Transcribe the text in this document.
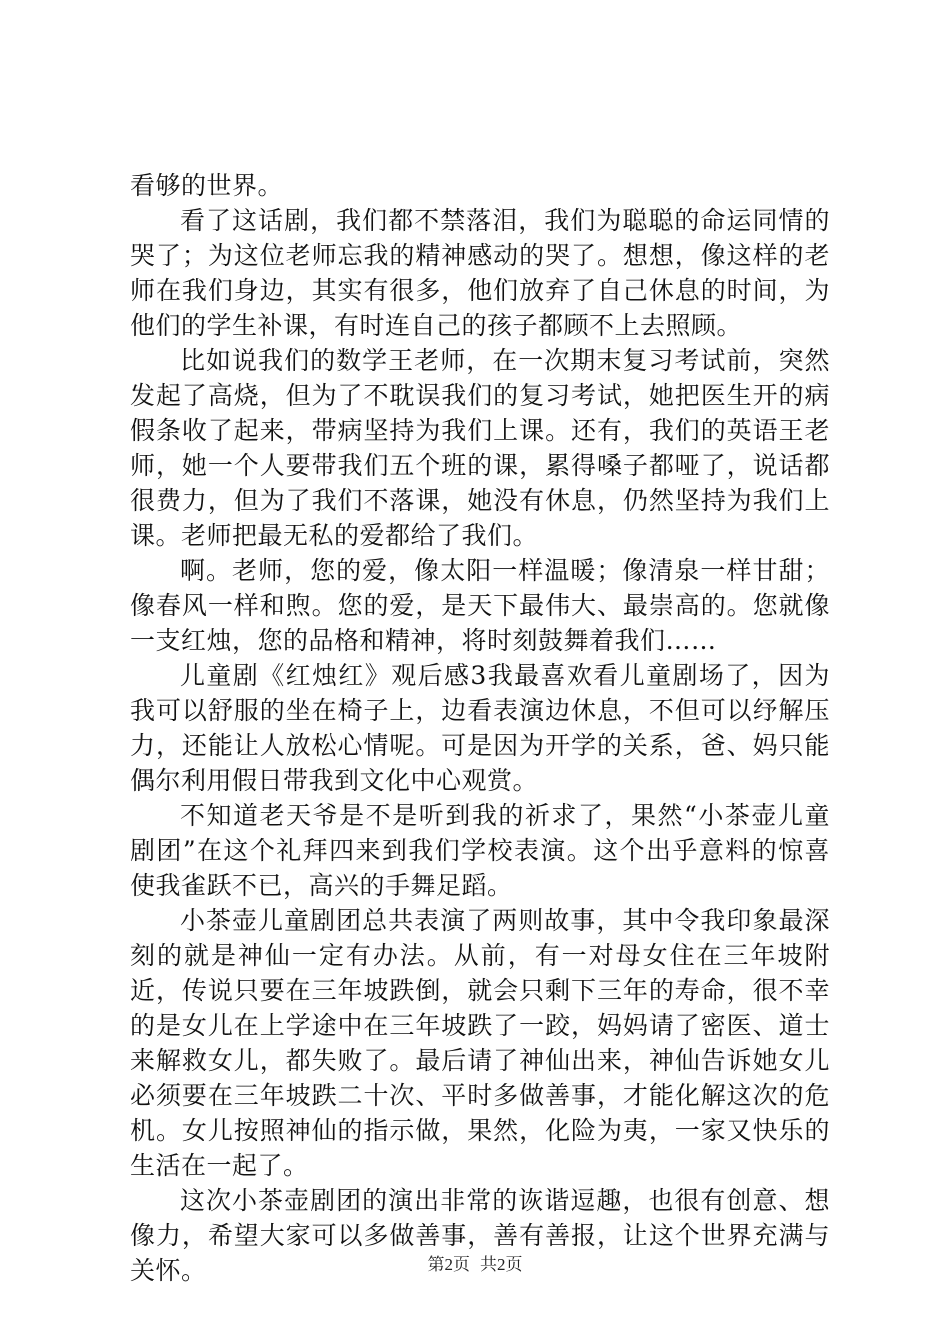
看够的世界。

看了这话剧，我们都不禁落泪，我们为聪聪的命运同情的哭了；为这位老师忘我的精神感动的哭了。想想，像这样的老师在我们身边，其实有很多，他们放弃了自己休息的时间，为他们的学生补课，有时连自己的孩子都顾不上去照顾。

比如说我们的数学王老师，在一次期末复习考试前，突然发起了高烧，但为了不耽误我们的复习考试，她把医生开的病假条收了起来，带病坚持为我们上课。还有，我们的英语王老师，她一个人要带我们五个班的课，累得嗓子都哑了，说话都很费力，但为了我们不落课，她没有休息，仍然坚持为我们上课。老师把最无私的爱都给了我们。

啊。老师，您的爱，像太阳一样温暖；像清泉一样甘甜；像春风一样和煦。您的爱，是天下最伟大、最崇高的。您就像一支红烛，您的品格和精神，将时刻鼓舞着我们……

儿童剧《红烛红》观后感3我最喜欢看儿童剧场了，因为我可以舒服的坐在椅子上，边看表演边休息，不但可以纾解压力，还能让人放松心情呢。可是因为开学的关系，爸、妈只能偶尔利用假日带我到文化中心观赏。

不知道老天爷是不是听到我的祈求了，果然“小茶壶儿童剧团”在这个礼拜四来到我们学校表演。这个出乎意料的惊喜使我雀跃不已，高兴的手舞足蹈。

小茶壶儿童剧团总共表演了两则故事，其中令我印象最深刻的就是神仙一定有办法。从前，有一对母女住在三年坡附近，传说只要在三年坡跌倒，就会只剩下三年的寿命，很不幸的是女儿在上学途中在三年坡跌了一跤，妈妈请了密医、道士来解救女儿，都失败了。最后请了神仙出来，神仙告诉她女儿必须要在三年坡跌二十次、平时多做善事，才能化解这次的危机。女儿按照神仙的指示做，果然，化险为夷，一家又快乐的生活在一起了。

这次小茶壶剧团的演出非常的诙谐逗趣，也很有创意、想像力，希望大家可以多做善事，善有善报，让这个世界充满与关怀。	第2页 共2页
